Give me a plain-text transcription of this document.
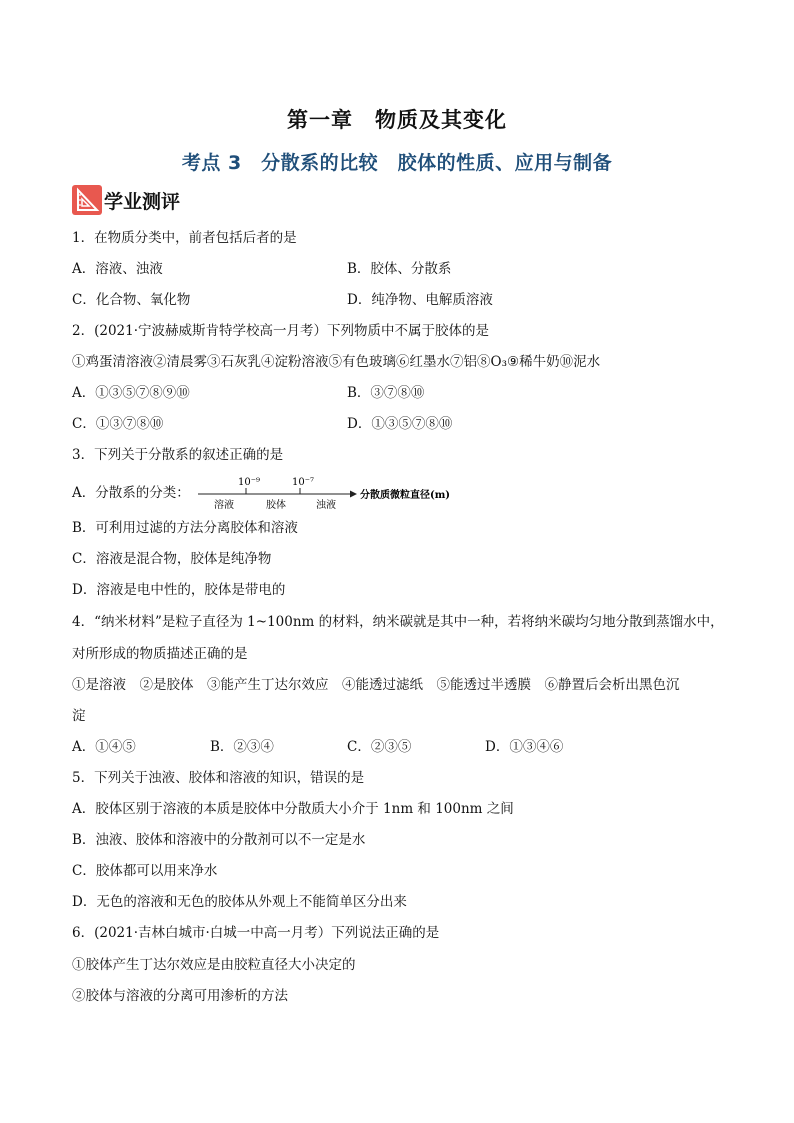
第一章　物质及其变化
考点 3　分散系的比较　胶体的性质、应用与制备
学业测评
1．在物质分类中，前者包括后者的是
A．溶液、浊液	B．胶体、分散系
C．化合物、氧化物	D．纯净物、电解质溶液
2．(2021·宁波赫威斯肯特学校高一月考）下列物质中不属于胶体的是
①鸡蛋清溶液②清晨雾③石灰乳④淀粉溶液⑤有色玻璃⑥红墨水⑦铝⑧O₃⑨稀牛奶⑩泥水
A．①③⑤⑦⑧⑨⑩	B．③⑦⑧⑩
C．①③⑦⑧⑩	D．①③⑤⑦⑧⑩
3．下列关于分散系的叙述正确的是
A．分散系的分类：
10⁻⁹	10⁻⁷
溶液	胶体	浊液
分散质微粒直径(m)
B．可利用过滤的方法分离胶体和溶液
C．溶液是混合物，胶体是纯净物
D．溶液是电中性的，胶体是带电的
4．“纳米材料”是粒子直径为 1~100nm 的材料，纳米碳就是其中一种，若将纳米碳均匀地分散到蒸馏水中，
对所形成的物质描述正确的是
①是溶液　②是胶体　③能产生丁达尔效应　④能透过滤纸　⑤能透过半透膜　⑥静置后会析出黑色沉
淀
A．①④⑤	B．②③④	C．②③⑤	D．①③④⑥
5．下列关于浊液、胶体和溶液的知识，错误的是
A．胶体区别于溶液的本质是胶体中分散质大小介于 1nm 和 100nm 之间
B．浊液、胶体和溶液中的分散剂可以不一定是水
C．胶体都可以用来净水
D．无色的溶液和无色的胶体从外观上不能简单区分出来
6．(2021·吉林白城市·白城一中高一月考）下列说法正确的是
①胶体产生丁达尔效应是由胶粒直径大小决定的
②胶体与溶液的分离可用渗析的方法
